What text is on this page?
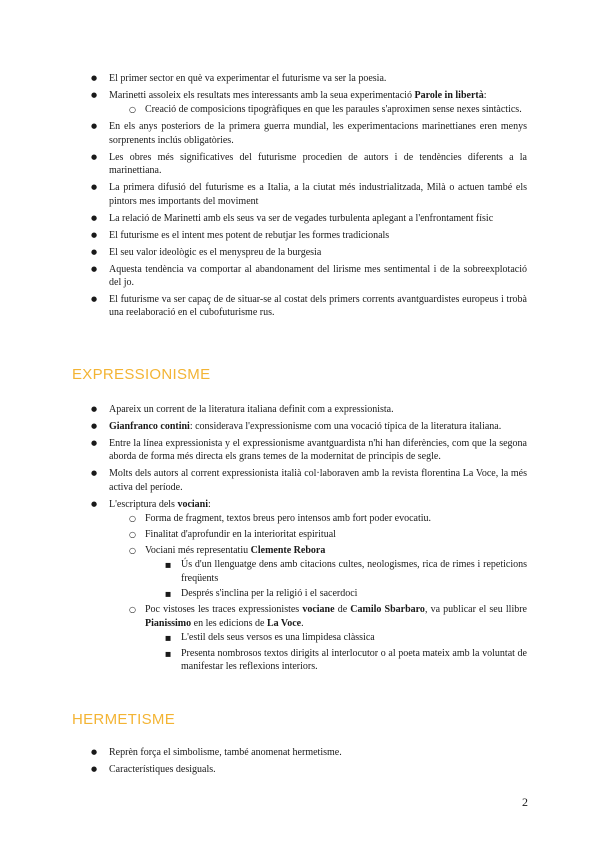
● El primer sector en què va experimentar el futurisme va ser la poesia.
● Marinetti assoleix els resultats mes interessants amb la seua experimentació Parole in libertà:
○ Creació de composicions tipogràfiques en que les paraules s'aproximen sense nexes sintàctics.
● En els anys posteriors de la primera guerra mundial, les experimentacions marinettianes eren menys sorprenents inclús obligatòries.
● Les obres més significatives del futurisme procedien de autors i de tendències diferents a la marinettiana.
● La primera difusió del futurisme es a Italia, a la ciutat més industrialitzada, Milà o actuen també els pintors mes importants del moviment
● La relació de Marinetti amb els seus va ser de vegades turbulenta aplegant a l'enfrontament físic
● El futurisme es el intent mes potent de rebutjar les formes tradicionals
● El seu valor ideològic es el menyspreu de la burgesia
● Aquesta tendència va comportar al abandonament del lirisme mes sentimental i de la sobreexplotació del jo.
● El futurisme va ser capaç de de situar-se al costat dels primers corrents avantguardistes europeus i trobà una reelaboració en el cubofuturisme rus.
EXPRESSIONISME
● Apareix un corrent de la literatura italiana definit com a expressionista.
● Gianfranco contini: considerava l'expressionisme com una vocació típica de la literatura italiana.
● Entre la línea expressionista y el expressionisme avantguardista n'hi han diferències, com que la segona aborda de forma més directa els grans temes de la modernitat de principis de segle.
● Molts dels autors al corrent expressionista italià col·laboraven amb la revista florentina La Voce, la més activa del període.
● L'escriptura dels vociani:
○ Forma de fragment, textos breus pero intensos amb fort poder evocatiu.
○ Finalitat d'aprofundir en la interioritat espiritual
○ Vociani més representatiu Clemente Rebora
■ Ús d'un llenguatge dens amb citacions cultes, neologismes, rica de rimes i repeticions freqüents
■ Després s'inclina per la religió i el sacerdoci
○ Poc vistoses les traces expressionistes vociane de Camilo Sbarbaro, va publicar el seu llibre Pianissimo en les edicions de La Voce.
■ L'estil dels seus versos es una limpidesa clàssica
■ Presenta nombrosos textos dirigits al interlocutor o al poeta mateix amb la voluntat de manifestar les reflexions interiors.
HERMETISME
● Reprèn força el simbolisme, també anomenat hermetisme.
● Característiques desiguals.
2
